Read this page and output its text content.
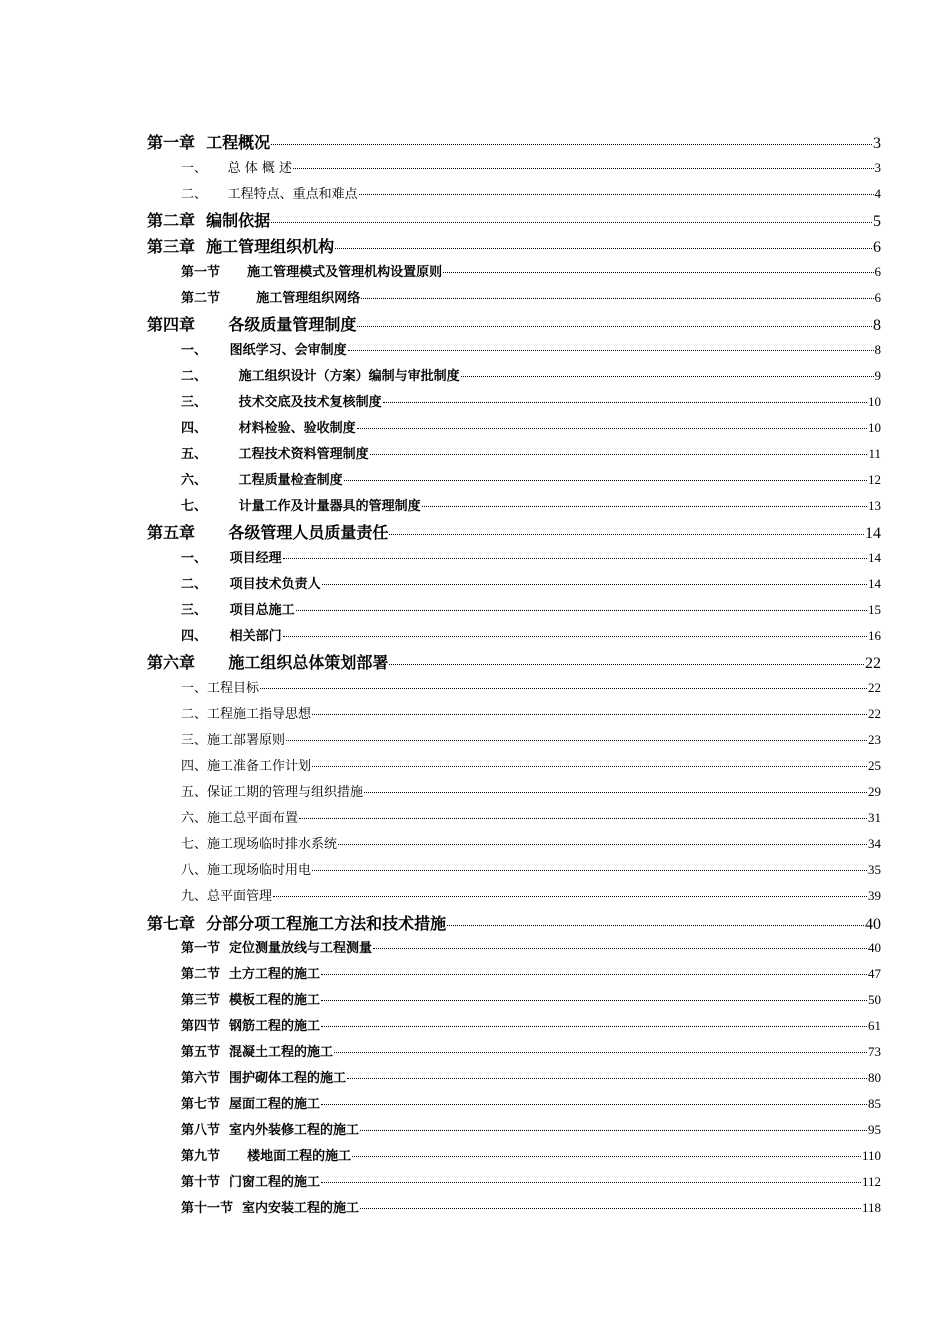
第一章  工程概况	3
一、     总 体 概 述	3
二、     工程特点、重点和难点	4
第二章  编制依据	5
第三章  施工管理组织机构	6
第一节      施工管理模式及管理机构设置原则	6
第二节        施工管理组织网络	6
第四章      各级质量管理制度	8
一、     图纸学习、会审制度	8
二、       施工组织设计（方案）编制与审批制度	9
三、       技术交底及技术复核制度	10
四、       材料检验、验收制度	10
五、       工程技术资料管理制度	11
六、       工程质量检查制度	12
七、       计量工作及计量器具的管理制度	13
第五章      各级管理人员质量责任	14
一、     项目经理	14
二、     项目技术负责人	14
三、     项目总施工	15
四、     相关部门	16
第六章      施工组织总体策划部署	22
一、工程目标	22
二、工程施工指导思想	22
三、施工部署原则	23
四、施工准备工作计划	25
五、保证工期的管理与组织措施	29
六、施工总平面布置	31
七、施工现场临时排水系统	34
八、施工现场临时用电	35
九、总平面管理	39
第七章  分部分项工程施工方法和技术措施	40
第一节  定位测量放线与工程测量	40
第二节  土方工程的施工	47
第三节  模板工程的施工	50
第四节  钢筋工程的施工	61
第五节  混凝土工程的施工	73
第六节  围护砌体工程的施工	80
第七节  屋面工程的施工	85
第八节  室内外装修工程的施工	95
第九节      楼地面工程的施工	110
第十节  门窗工程的施工	112
第十一节  室内安装工程的施工	118
